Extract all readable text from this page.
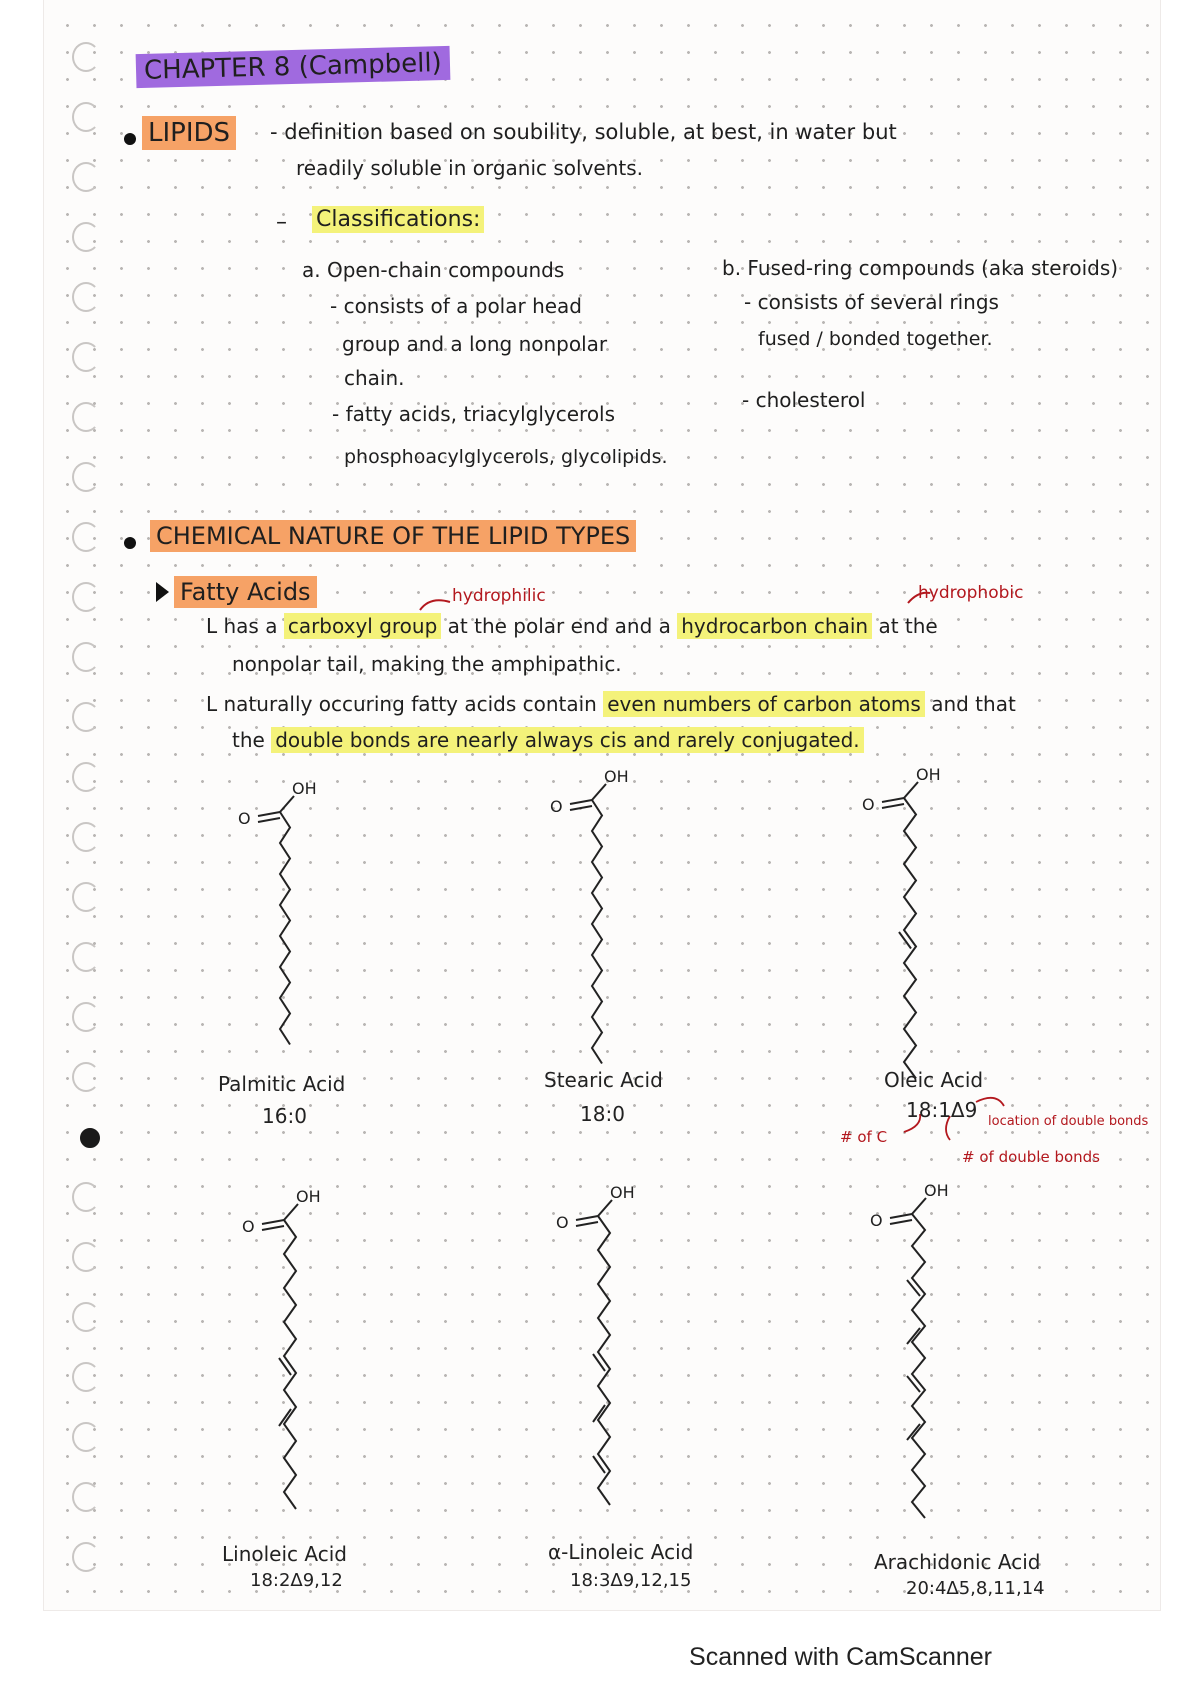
CHAPTER 8 (Campbell)
LIPIDS - definition based on soubility, soluble, at best, in water but
readily soluble in organic solvents.
– Classifications:
a. Open-chain compounds
- consists of a polar head
group and a long nonpolar
chain.
- fatty acids, triacylglycerols
phosphoacylglycerols, glycolipids.
b. Fused-ring compounds (aka steroids)
- consists of several rings
fused / bonded together.
- cholesterol
CHEMICAL NATURE OF THE LIPID TYPES
Fatty Acids	hydrophilic	hydrophobic
L has a carboxyl group at the polar end and a hydrocarbon chain at the
nonpolar tail, making the amphipathic.
L naturally occuring fatty acids contain even numbers of carbon atoms and that
the double bonds are nearly always cis and rarely conjugated.
OH
O
OH
O
OH
O
OH
O
OH
O
OH
O
Palmitic Acid
16:0
Stearic Acid
18:0
Oleic Acid
18:1Δ9
Linoleic Acid
18:2Δ9,12
α-Linoleic Acid
18:3Δ9,12,15
Arachidonic Acid
20:4Δ5,8,11,14
# of C
location of double bonds
# of double bonds
Scanned with CamScanner
